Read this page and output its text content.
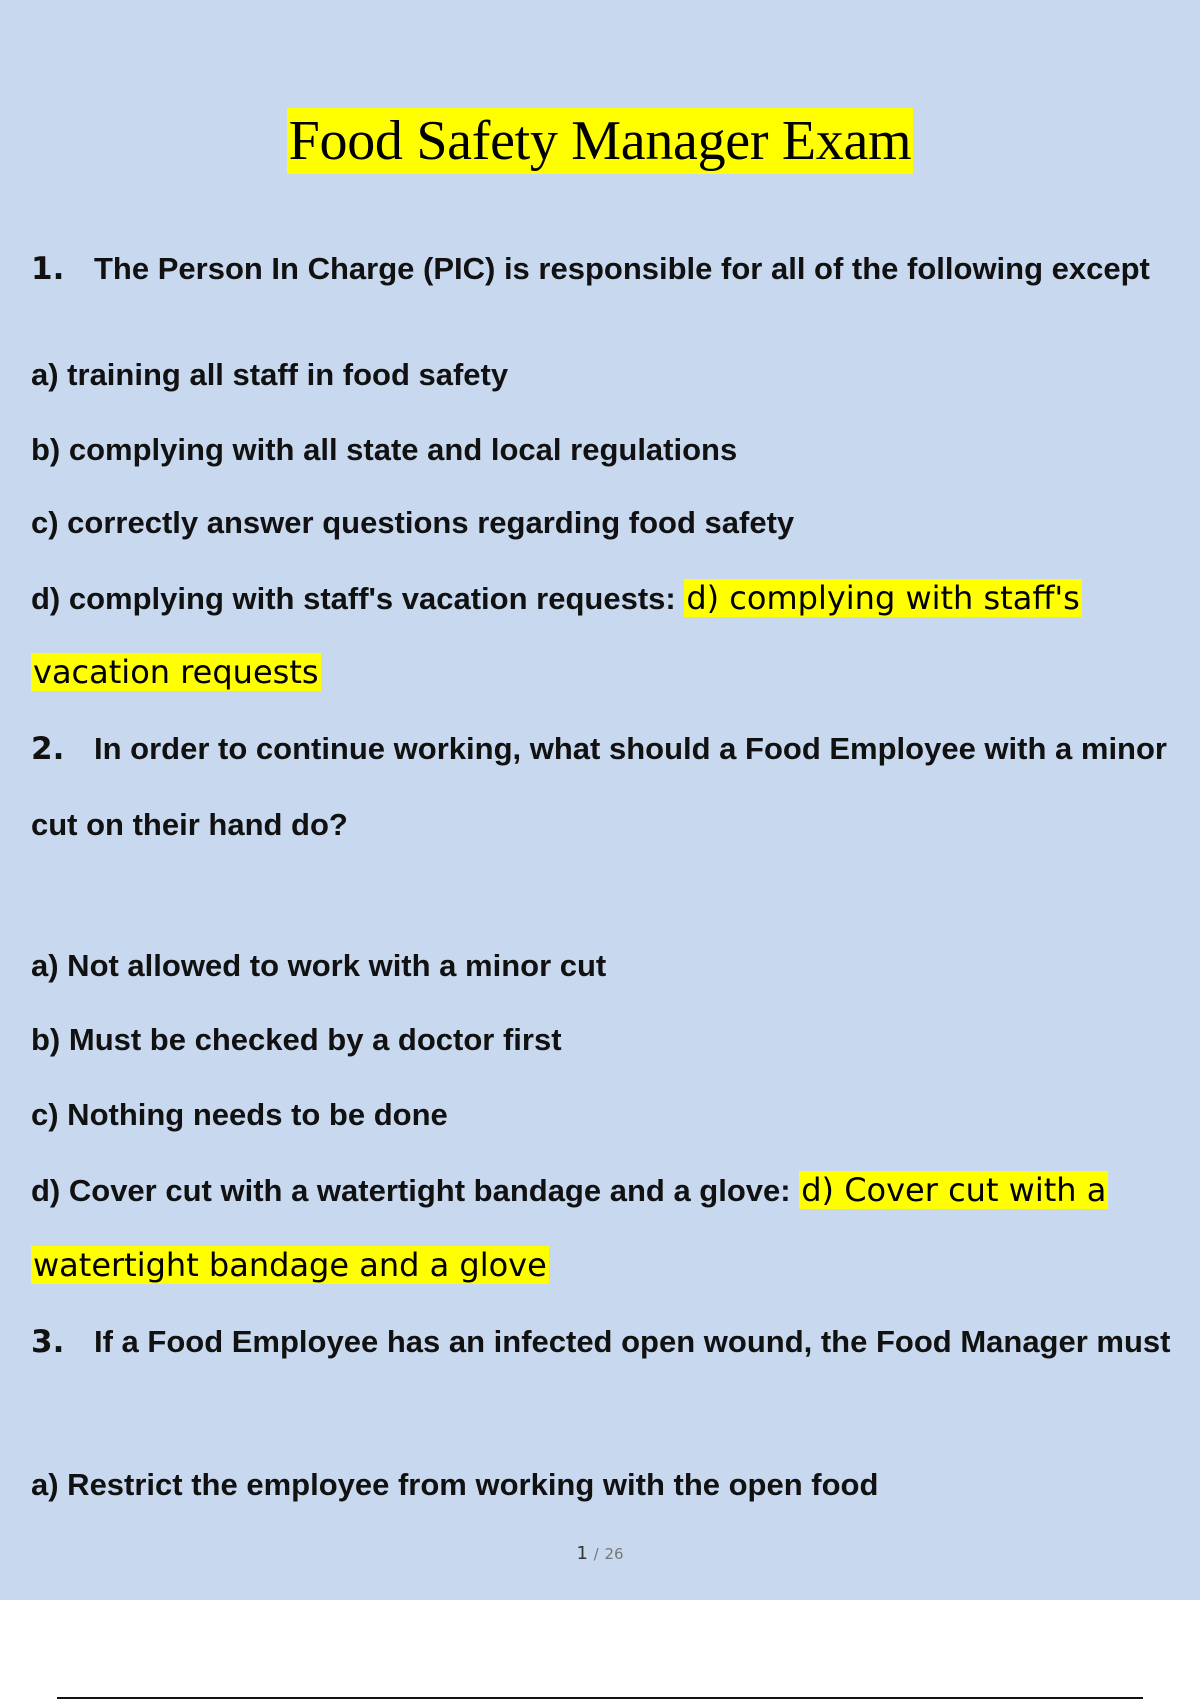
Food Safety Manager Exam
1. The Person In Charge (PIC) is responsible for all of the following except
a) training all staff in food safety
b) complying with all state and local regulations
c) correctly answer questions regarding food safety
d) complying with staff's vacation requests: d) complying with staff's
vacation requests
2. In order to continue working, what should a Food Employee with a minor
cut on their hand do?
a) Not allowed to work with a minor cut
b) Must be checked by a doctor first
c) Nothing needs to be done
d) Cover cut with a watertight bandage and a glove: d) Cover cut with a
watertight bandage and a glove
3. If a Food Employee has an infected open wound, the Food Manager must
a) Restrict the employee from working with the open food
1 / 26
